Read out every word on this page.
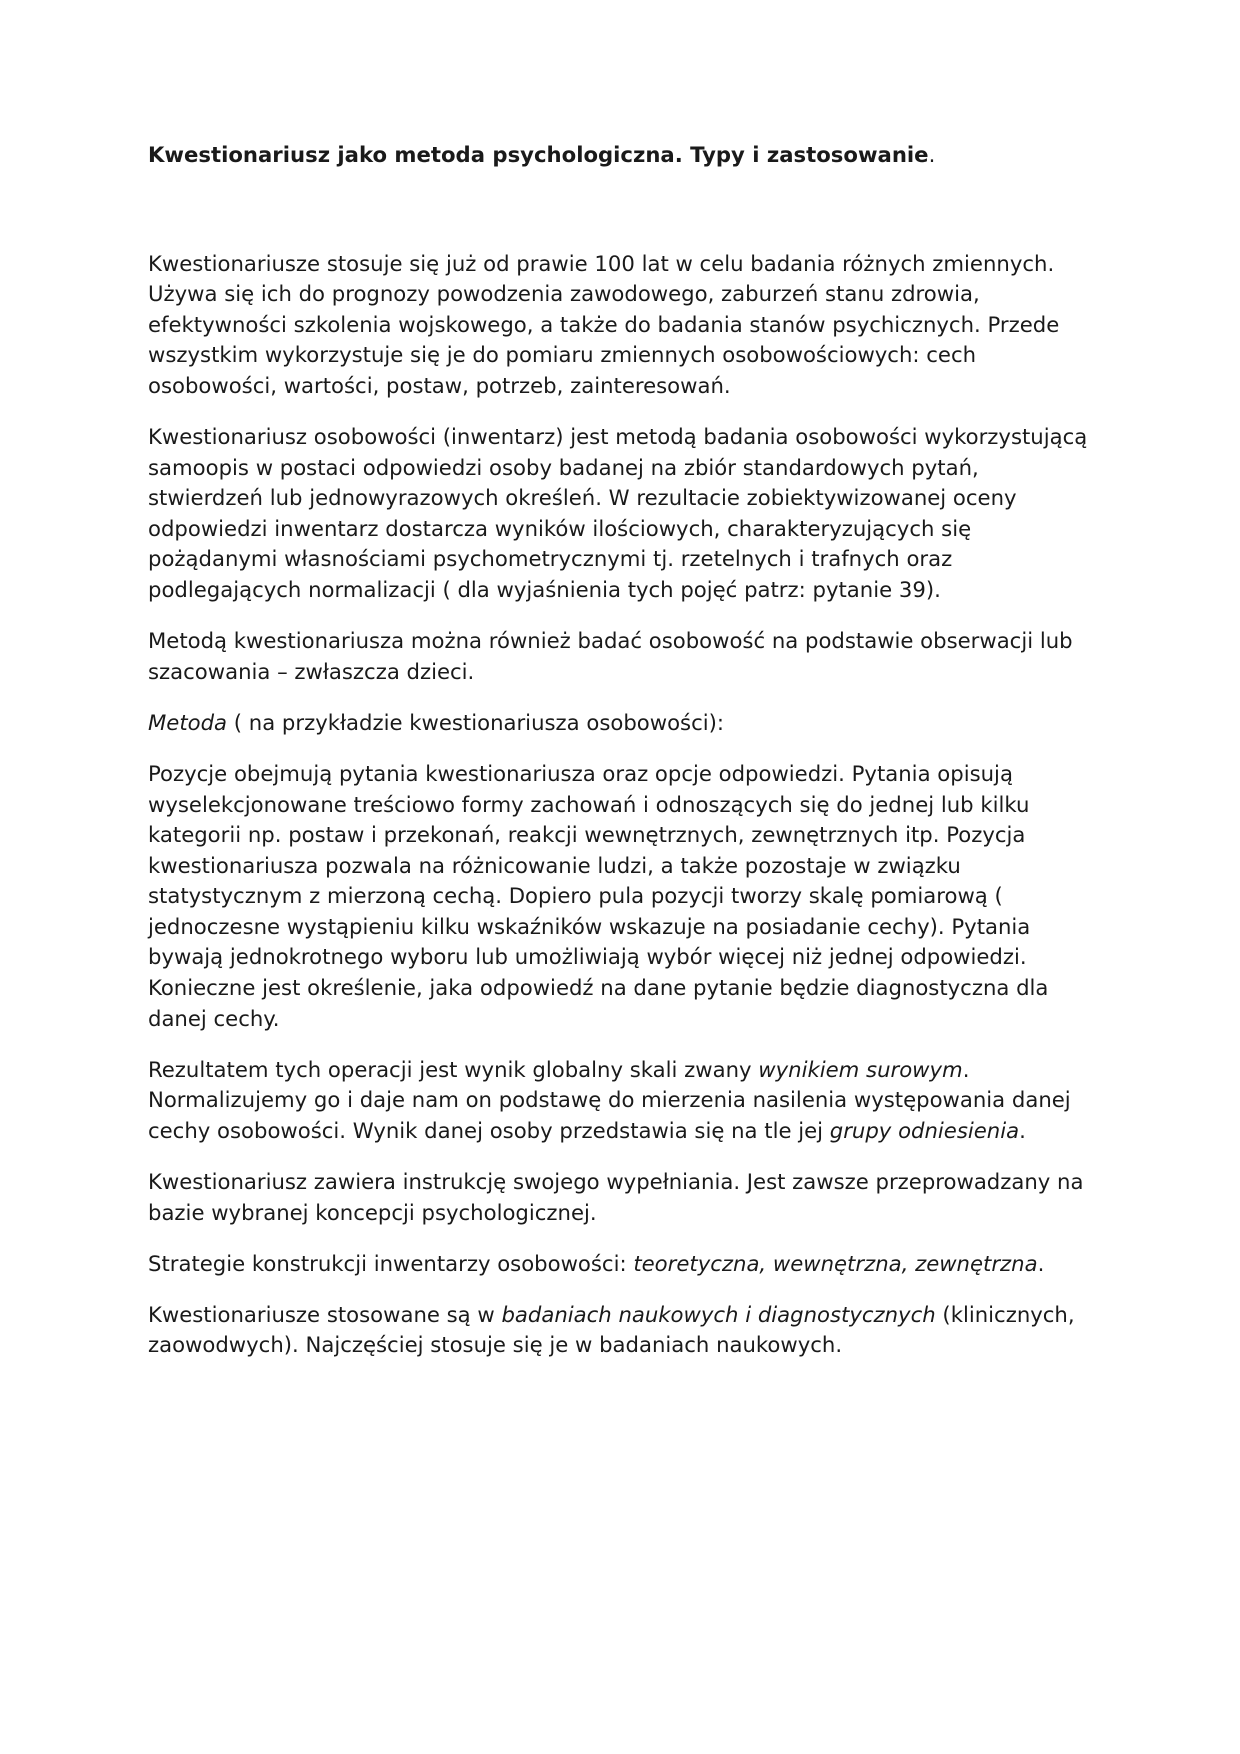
Kwestionariusz jako metoda psychologiczna. Typy i zastosowanie.

Kwestionariusze stosuje się już od prawie 100 lat w celu badania różnych zmiennych. Używa się ich do prognozy powodzenia zawodowego, zaburzeń stanu zdrowia, efektywności szkolenia wojskowego, a także do badania stanów psychicznych. Przede wszystkim wykorzystuje się je do pomiaru zmiennych osobowościowych: cech osobowości, wartości, postaw, potrzeb, zainteresowań.

Kwestionariusz osobowości (inwentarz) jest metodą badania osobowości wykorzystującą samoopis w postaci odpowiedzi osoby badanej na zbiór standardowych pytań, stwierdzeń lub jednowyrazowych określeń. W rezultacie zobiektywizowanej oceny odpowiedzi inwentarz dostarcza wyników ilościowych, charakteryzujących się pożądanymi własnościami psychometrycznymi tj. rzetelnych i trafnych oraz podlegających normalizacji ( dla wyjaśnienia tych pojęć patrz: pytanie 39).

Metodą kwestionariusza można również badać osobowość na podstawie obserwacji lub szacowania – zwłaszcza dzieci.

Metoda ( na przykładzie kwestionariusza osobowości):

Pozycje obejmują pytania kwestionariusza oraz opcje odpowiedzi. Pytania opisują wyselekcjonowane treściowo formy zachowań i odnoszących się do jednej lub kilku kategorii np. postaw i przekonań, reakcji wewnętrznych, zewnętrznych itp. Pozycja kwestionariusza pozwala na różnicowanie ludzi, a także pozostaje w związku statystycznym z mierzoną cechą. Dopiero pula pozycji tworzy skalę pomiarową ( jednoczesne wystąpieniu kilku wskaźników wskazuje na posiadanie cechy). Pytania bywają jednokrotnego wyboru lub umożliwiają wybór więcej niż jednej odpowiedzi. Konieczne jest określenie, jaka odpowiedź na dane pytanie będzie diagnostyczna dla danej cechy.

Rezultatem tych operacji jest wynik globalny skali zwany wynikiem surowym. Normalizujemy go i daje nam on podstawę do mierzenia nasilenia występowania danej cechy osobowości. Wynik danej osoby przedstawia się na tle jej grupy odniesienia.

Kwestionariusz zawiera instrukcję swojego wypełniania. Jest zawsze przeprowadzany na bazie wybranej koncepcji psychologicznej.

Strategie konstrukcji inwentarzy osobowości: teoretyczna, wewnętrzna, zewnętrzna.

Kwestionariusze stosowane są w badaniach naukowych i diagnostycznych (klinicznych, zaowodwych). Najczęściej stosuje się je w badaniach naukowych.
